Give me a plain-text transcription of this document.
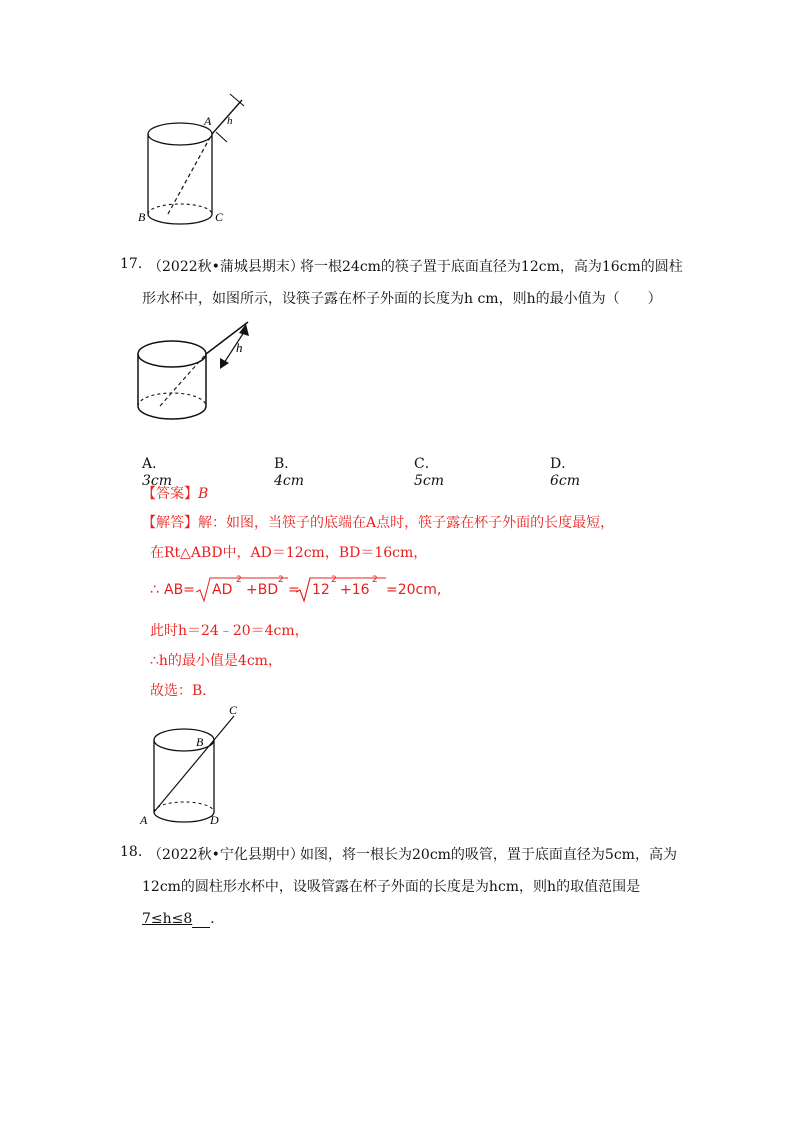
A h
B	C
17. （2022秋•蒲城县期末）
将一根24cm的筷子置于底面直径为12cm，高为16cm的圆柱
形水杯中，如图所示，设筷子露在杯子外面的长度为h cm，则h的最小值为（　　）
h
A．3cm
B．4cm
C．5cm
D．6cm
【答案】B
【解答】解：如图，当筷子的底端在A点时，筷子露在杯子外面的长度最短，
在Rt△ABD中，AD＝12cm，BD＝16cm，
∴ AB= AD
2
+BD
2
= 12
2
+16
2
=20cm,
此时h＝24﹣20＝4cm，
∴h的最小值是4cm，
故选：B．
C
B
A	D
18. （2022秋•宁化县期中）
如图，将一根长为20cm的吸管，置于底面直径为5cm，高为
12cm的圆柱形水杯中，设吸管露在杯子外面的长度是为hcm，则h的取值范围是
7≤h≤8 ．
